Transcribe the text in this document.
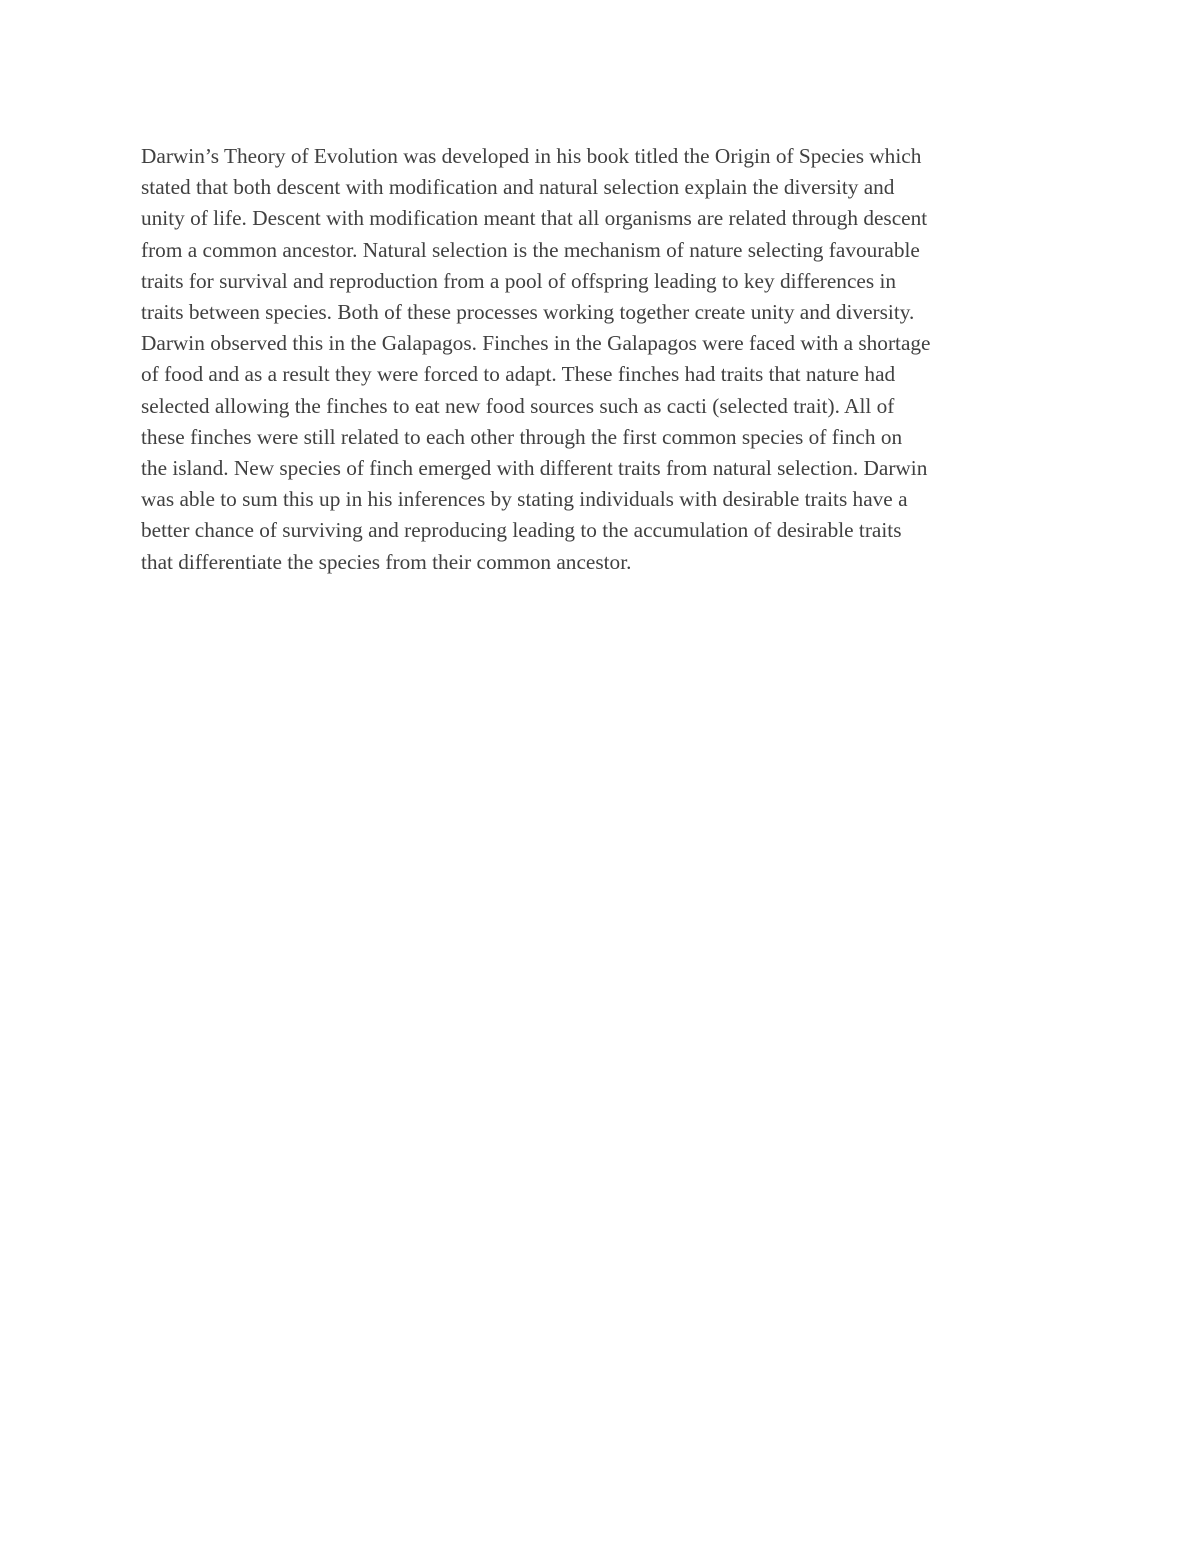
Darwin’s Theory of Evolution was developed in his book titled the Origin of Species which
stated that both descent with modification and natural selection explain the diversity and
unity of life. Descent with modification meant that all organisms are related through descent
from a common ancestor. Natural selection is the mechanism of nature selecting favourable
traits for survival and reproduction from a pool of offspring leading to key differences in
traits between species. Both of these processes working together create unity and diversity.
Darwin observed this in the Galapagos. Finches in the Galapagos were faced with a shortage
of food and as a result they were forced to adapt. These finches had traits that nature had
selected allowing the finches to eat new food sources such as cacti (selected trait). All of
these finches were still related to each other through the first common species of finch on
the island. New species of finch emerged with different traits from natural selection. Darwin
was able to sum this up in his inferences by stating individuals with desirable traits have a
better chance of surviving and reproducing leading to the accumulation of desirable traits
that differentiate the species from their common ancestor.
